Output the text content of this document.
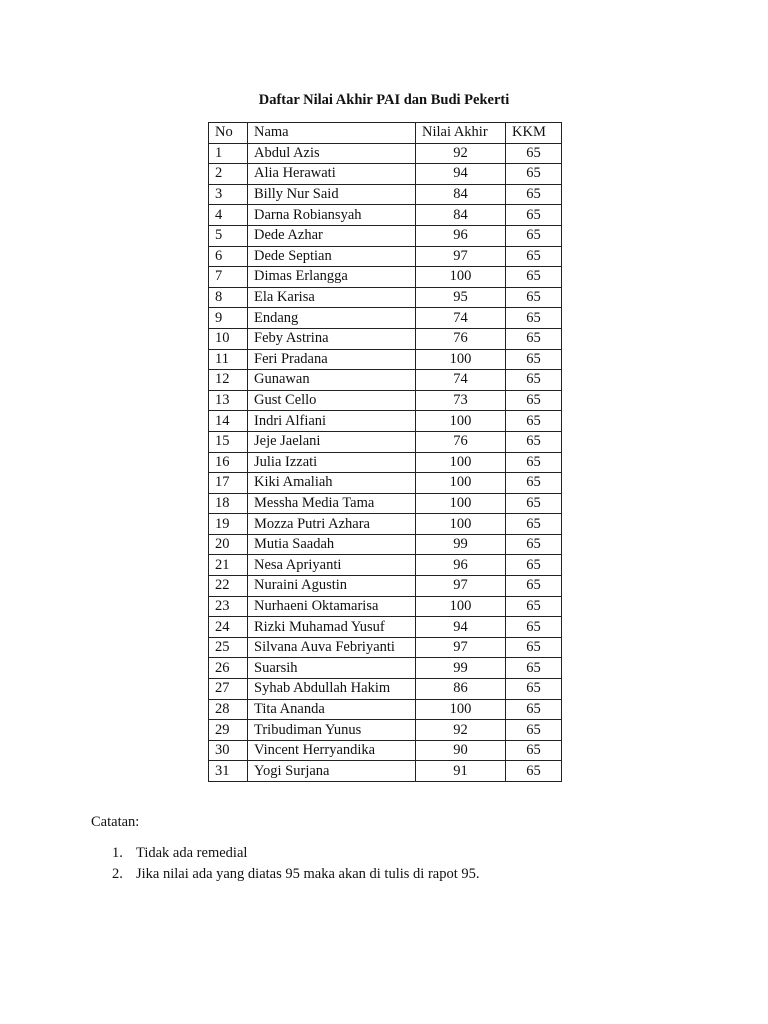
Daftar Nilai Akhir PAI dan Budi Pekerti
No	Nama	Nilai Akhir	KKM
1	Abdul Azis	92	65
2	Alia Herawati	94	65
3	Billy Nur Said	84	65
4	Darna Robiansyah	84	65
5	Dede Azhar	96	65
6	Dede Septian	97	65
7	Dimas Erlangga	100	65
8	Ela Karisa	95	65
9	Endang	74	65
10	Feby Astrina	76	65
11	Feri Pradana	100	65
12	Gunawan	74	65
13	Gust Cello	73	65
14	Indri Alfiani	100	65
15	Jeje Jaelani	76	65
16	Julia Izzati	100	65
17	Kiki Amaliah	100	65
18	Messha Media Tama	100	65
19	Mozza Putri Azhara	100	65
20	Mutia Saadah	99	65
21	Nesa Apriyanti	96	65
22	Nuraini Agustin	97	65
23	Nurhaeni Oktamarisa	100	65
24	Rizki Muhamad Yusuf	94	65
25	Silvana Auva Febriyanti	97	65
26	Suarsih	99	65
27	Syhab Abdullah Hakim	86	65
28	Tita Ananda	100	65
29	Tribudiman Yunus	92	65
30	Vincent Herryandika	90	65
31	Yogi Surjana	91	65
Catatan:
1. Tidak ada remedial
2. Jika nilai ada yang diatas 95 maka akan di tulis di rapot 95.
